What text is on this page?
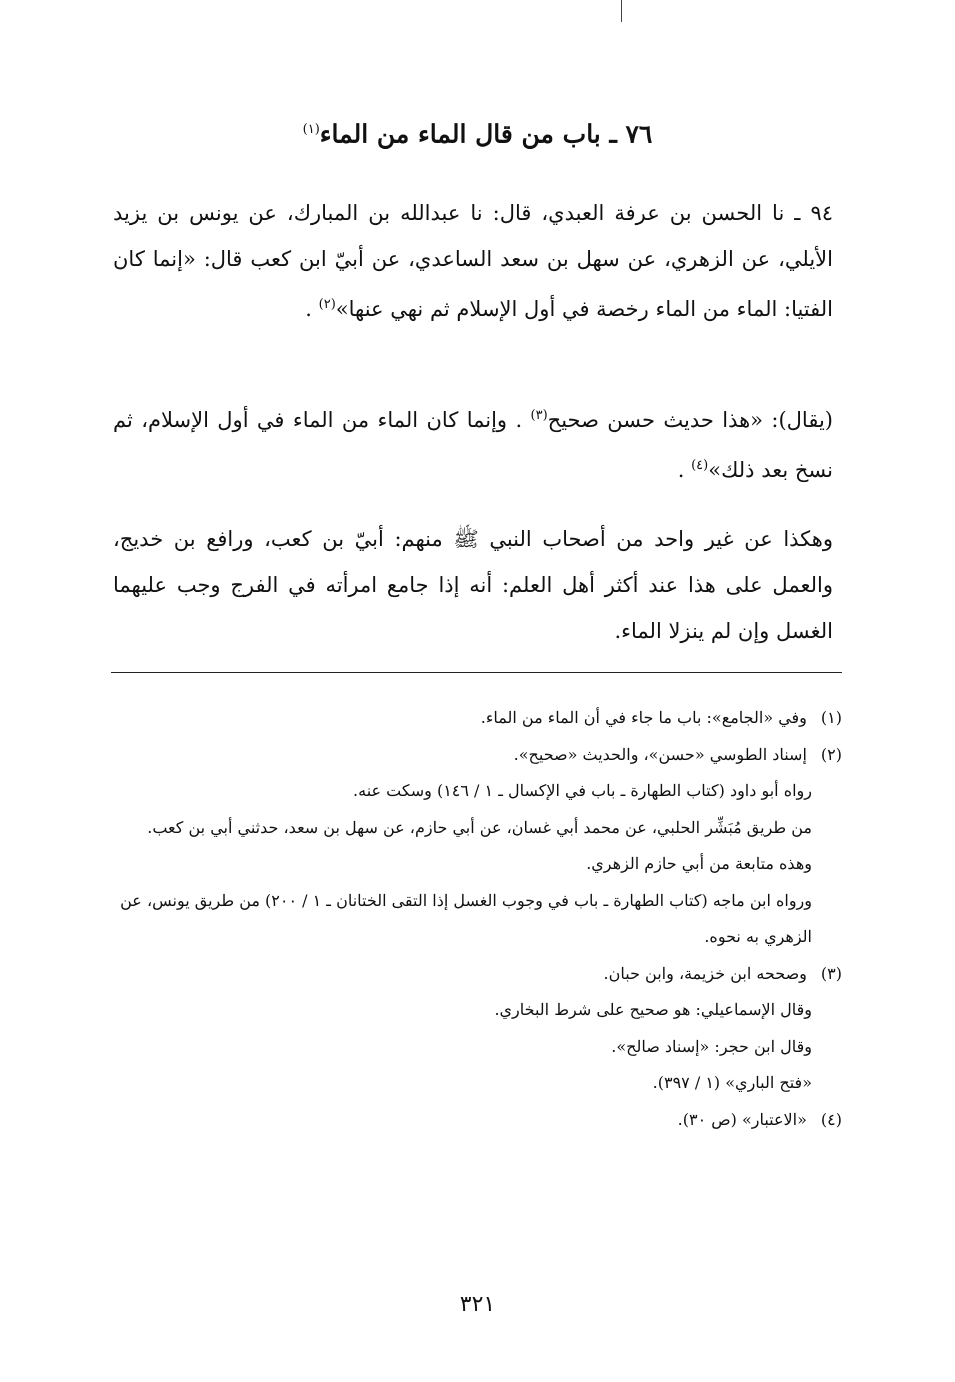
٧٦ ـ باب من قال الماء من الماء$^{(١)}$
٩٤ ـ نا الحسن بن عرفة العبدي، قال: نا عبدالله بن المبارك، عن يونس بن يزيد الأيلي، عن الزهري، عن سهل بن سعد الساعدي، عن أبيّ ابن كعب قال: «إنما كان الفتيا: الماء من الماء رخصة في أول الإسلام ثم نهي عنها»$^{(٢)}$ .
(يقال): «هذا حديث حسن صحيح$^{(٣)}$ . وإنما كان الماء من الماء في أول الإسلام، ثم نسخ بعد ذلك»$^{(٤)}$ .
وهكذا عن غير واحد من أصحاب النبي ﷺ منهم: أبيّ بن كعب، ورافع بن خديج، والعمل على هذا عند أكثر أهل العلم: أنه إذا جامع امرأته في الفرج وجب عليهما الغسل وإن لم ينزلا الماء.
(١) وفي «الجامع»: باب ما جاء في أن الماء من الماء.
(٢) إسناد الطوسي «حسن»، والحديث «صحيح».
رواه أبو داود (كتاب الطهارة ـ باب في الإكسال ـ ١ / ١٤٦) وسكت عنه.
من طريق مُبَشِّر الحلبي، عن محمد أبي غسان، عن أبي حازم، عن سهل بن سعد، حدثني أبي بن كعب.
وهذه متابعة من أبي حازم الزهري.
ورواه ابن ماجه (كتاب الطهارة ـ باب في وجوب الغسل إذا التقى الختانان ـ ١ / ٢٠٠) من طريق يونس، عن الزهري به نحوه.
(٣) وصححه ابن خزيمة، وابن حبان.
وقال الإسماعيلي: هو صحيح على شرط البخاري.
وقال ابن حجر: «إسناد صالح».
«فتح الباري» (١ / ٣٩٧).
(٤) «الاعتبار» (ص ٣٠).
٣٢١
